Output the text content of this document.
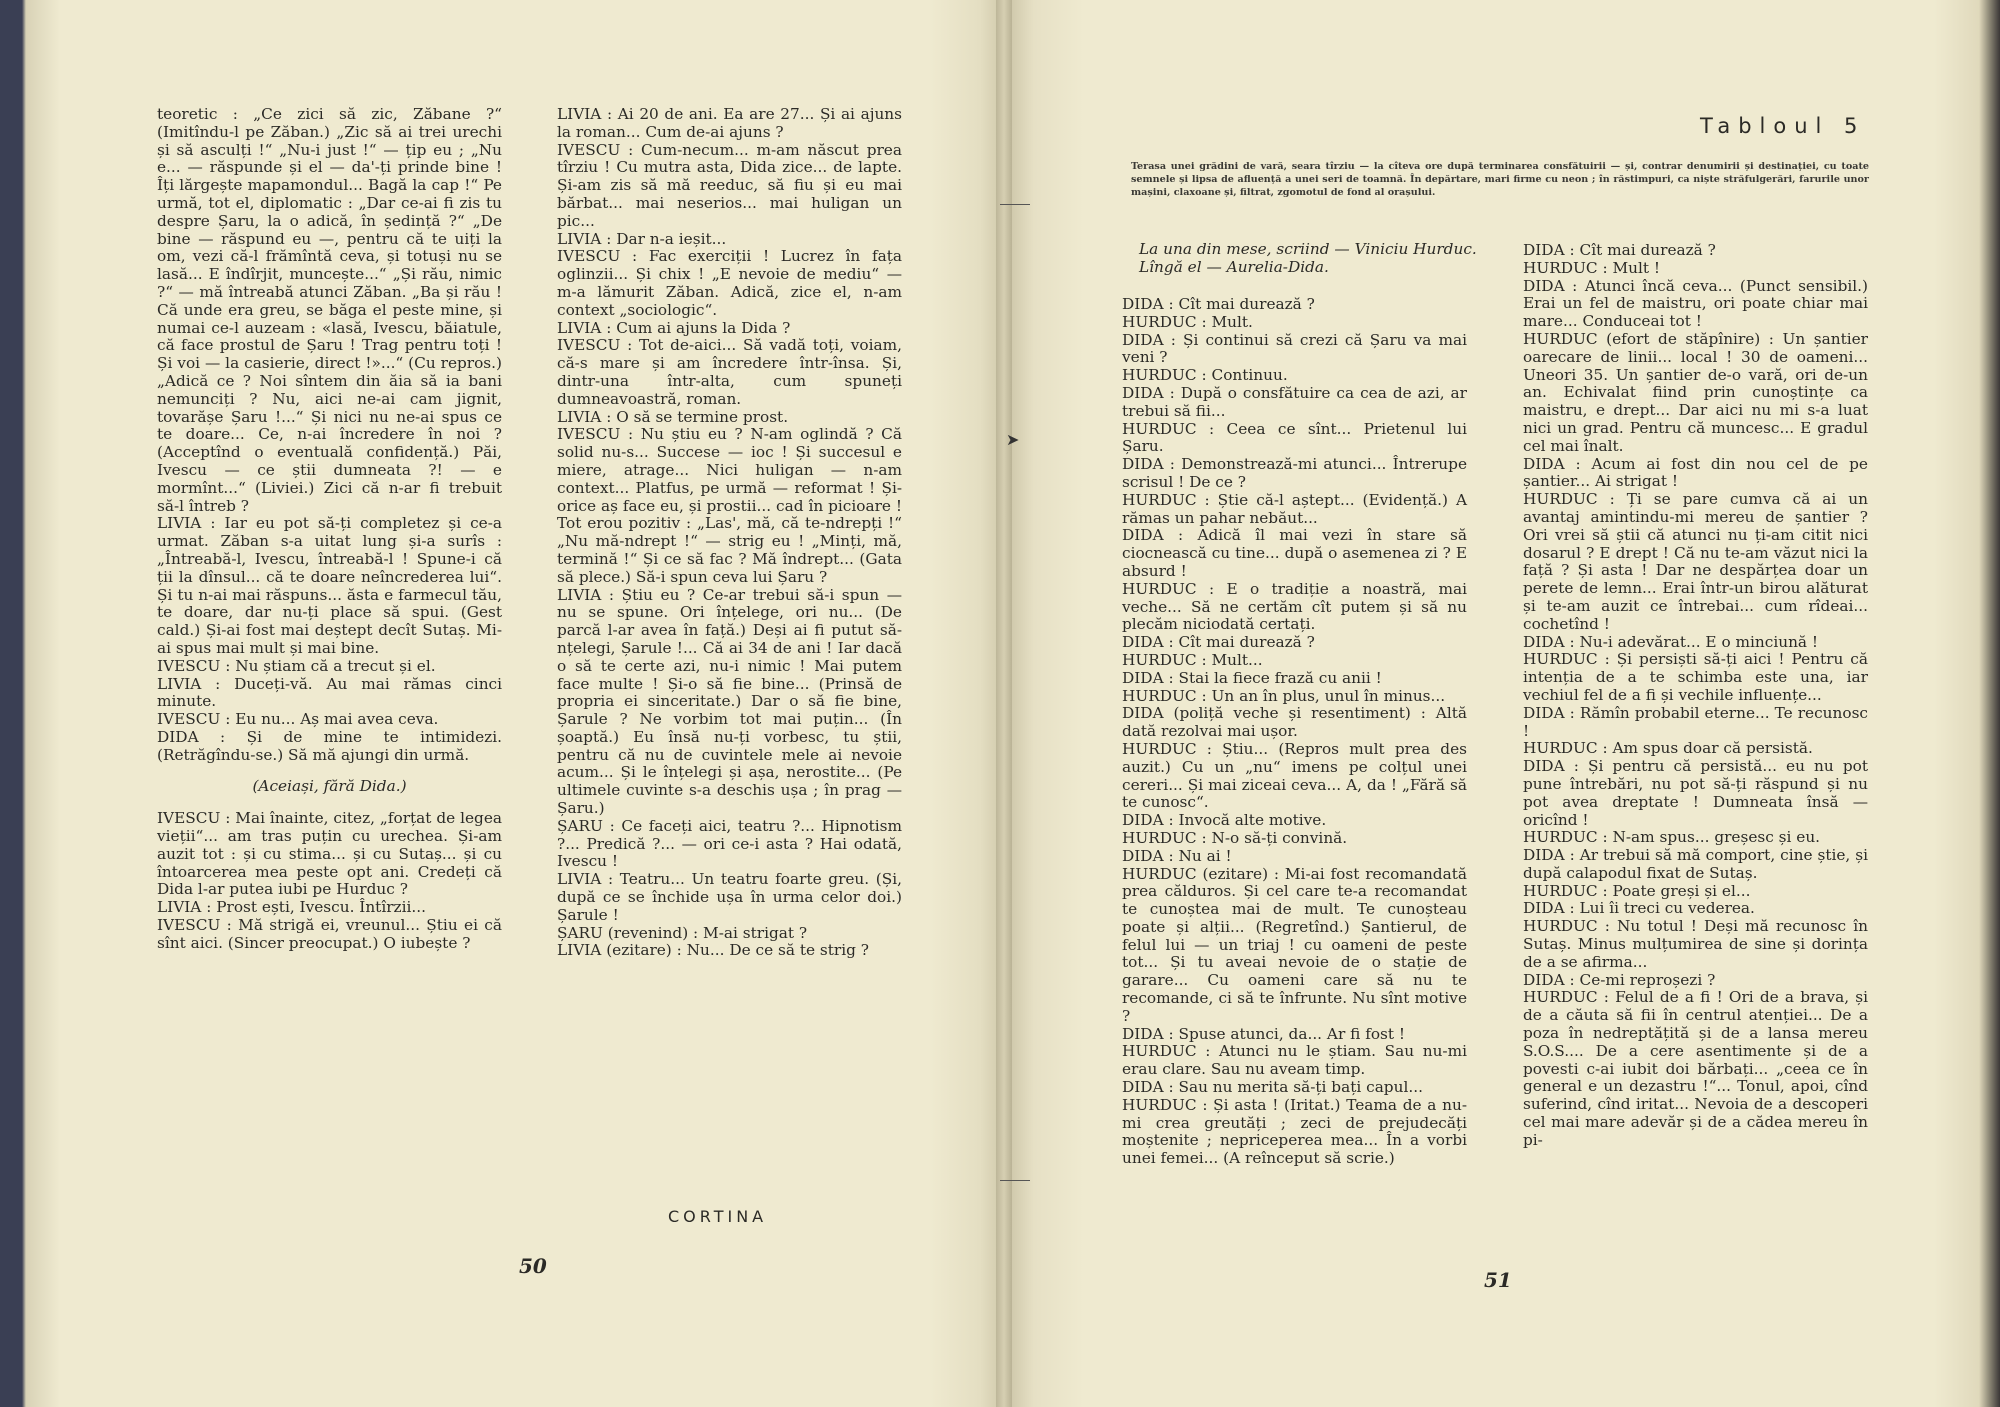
teoretic : „Ce zici să zic, Zăbane ?“ (Imitîndu-l pe Zăban.) „Zic să ai trei urechi și să asculți !“ „Nu-i just !“ — țip eu ; „Nu e... — răspunde și el — da'-ți prinde bine ! Îți lărgește mapamondul... Bagă la cap !“ Pe urmă, tot el, diplomatic : „Dar ce-ai fi zis tu despre Șaru, la o adică, în ședință ?“ „De bine — răspund eu —, pentru că te uiți la om, vezi că-l frămîntă ceva, și totuși nu se lasă... E îndîrjit, muncește...“ „Și rău, nimic ?“ — mă întreabă atunci Zăban. „Ba și rău ! Că unde era greu, se băga el peste mine, și numai ce-l auzeam : «lasă, Ivescu, băiatule, că face prostul de Șaru ! Trag pentru toți ! Și voi — la casierie, direct !»...“ (Cu repros.) „Adică ce ? Noi sîntem din ăia să ia bani nemunciți ? Nu, aici ne-ai cam jignit, tovarășe Șaru !...“ Și nici nu ne-ai spus ce te doare... Ce, n-ai încredere în noi ? (Acceptînd o eventuală confidență.) Păi, Ivescu — ce știi dumneata ?! — e mormînt...“ (Liviei.) Zici că n-ar fi trebuit să-l întreb ?

LIVIA : Iar eu pot să-ți completez și ce-a urmat. Zăban s-a uitat lung și-a surîs : „Întreabă-l, Ivescu, întreabă-l ! Spune-i că ții la dînsul... că te doare neîncrederea lui“. Și tu n-ai mai răspuns... ăsta e farmecul tău, te doare, dar nu-ți place să spui. (Gest cald.) Și-ai fost mai deștept decît Sutaș. Mi-ai spus mai mult și mai bine.

IVESCU : Nu știam că a trecut și el.

LIVIA : Duceți-vă. Au mai rămas cinci minute.

IVESCU : Eu nu... Aș mai avea ceva.

DIDA : Și de mine te intimidezi. (Retrăgîndu-se.) Să mă ajungi din urmă.

(Aceiași, fără Dida.)

IVESCU : Mai înainte, citez, „forțat de legea vieții“... am tras puțin cu urechea. Și-am auzit tot : și cu stima... și cu Sutaș... și cu întoarcerea mea peste opt ani. Credeți că Dida l-ar putea iubi pe Hurduc ?

LIVIA : Prost ești, Ivescu. Întîrzii...

IVESCU : Mă strigă ei, vreunul... Știu ei că sînt aici. (Sincer preocupat.) O iubește ?

LIVIA : Ai 20 de ani. Ea are 27... Și ai ajuns la roman... Cum de-ai ajuns ?

IVESCU : Cum-necum... m-am născut prea tîrziu ! Cu mutra asta, Dida zice... de lapte. Și-am zis să mă reeduc, să fiu și eu mai bărbat... mai neserios... mai huligan un pic...

LIVIA : Dar n-a ieșit...

IVESCU : Fac exerciții ! Lucrez în fața oglinzii... Și chix ! „E nevoie de mediu“ — m-a lămurit Zăban. Adică, zice el, n-am context „sociologic“.

LIVIA : Cum ai ajuns la Dida ?

IVESCU : Tot de-aici... Să vadă toți, voiam, că-s mare și am încredere într-însa. Și, dintr-una într-alta, cum spuneți dumneavoastră, roman.

LIVIA : O să se termine prost.

IVESCU : Nu știu eu ? N-am oglindă ? Că solid nu-s... Succese — ioc ! Și succesul e miere, atrage... Nici huligan — n-am context... Platfus, pe urmă — reformat ! Și-orice aș face eu, și prostii... cad în picioare ! Tot erou pozitiv : „Las', mă, că te-ndrepți !“ „Nu mă-ndrept !“ — strig eu ! „Minți, mă, termină !“ Și ce să fac ? Mă îndrept... (Gata să plece.) Să-i spun ceva lui Șaru ?

LIVIA : Știu eu ? Ce-ar trebui să-i spun — nu se spune. Ori înțelege, ori nu... (De parcă l-ar avea în față.) Deși ai fi putut să-nțelegi, Șarule !... Că ai 34 de ani ! Iar dacă o să te certe azi, nu-i nimic ! Mai putem face multe ! Și-o să fie bine... (Prinsă de propria ei sinceritate.) Dar o să fie bine, Șarule ? Ne vorbim tot mai puțin... (În șoaptă.) Eu însă nu-ți vorbesc, tu știi, pentru că nu de cuvintele mele ai nevoie acum... Și le înțelegi și așa, nerostite... (Pe ultimele cuvinte s-a deschis ușa ; în prag — Șaru.)

ȘARU : Ce faceți aici, teatru ?... Hipnotism ?... Predică ?... — ori ce-i asta ? Hai odată, Ivescu !

LIVIA : Teatru... Un teatru foarte greu. (Și, după ce se închide ușa în urma celor doi.) Șarule !

ȘARU (revenind) : M-ai strigat ?

LIVIA (ezitare) : Nu... De ce să te strig ?

CORTINA
50
➤
Tabloul 5
Terasa unei grădini de vară, seara tîrziu — la cîteva ore după terminarea consfătuirii — și, contrar denumirii și destinației, cu toate semnele și lipsa de afluență a unei seri de toamnă. În depărtare, mari firme cu neon ; în răstimpuri, ca niște străfulgerări, farurile unor mașini, claxoane și, filtrat, zgomotul de fond al orașului.
La una din mese, scriind — Viniciu Hurduc. Lîngă el — Aurelia-Dida.

DIDA : Cît mai durează ?

HURDUC : Mult.

DIDA : Și continui să crezi că Șaru va mai veni ?

HURDUC : Continuu.

DIDA : După o consfătuire ca cea de azi, ar trebui să fii...

HURDUC : Ceea ce sînt... Prietenul lui Șaru.

DIDA : Demonstrează-mi atunci... Întrerupe scrisul ! De ce ?

HURDUC : Știe că-l aștept... (Evidență.) A rămas un pahar nebăut...

DIDA : Adică îl mai vezi în stare să ciocnească cu tine... după o asemenea zi ? E absurd !

HURDUC : E o tradiție a noastră, mai veche... Să ne certăm cît putem și să nu plecăm niciodată certați.

DIDA : Cît mai durează ?

HURDUC : Mult...

DIDA : Stai la fiece frază cu anii !

HURDUC : Un an în plus, unul în minus...

DIDA (poliță veche și resentiment) : Altă dată rezolvai mai ușor.

HURDUC : Știu... (Repros mult prea des auzit.) Cu un „nu“ imens pe colțul unei cereri... Și mai ziceai ceva... A, da ! „Fără să te cunosc“.

DIDA : Invocă alte motive.

HURDUC : N-o să-ți convină.

DIDA : Nu ai !

HURDUC (ezitare) : Mi-ai fost recomandată prea călduros. Și cel care te-a recomandat te cunoștea mai de mult. Te cunoșteau poate și alții... (Regretînd.) Șantierul, de felul lui — un triaj ! cu oameni de peste tot... Și tu aveai nevoie de o stație de garare... Cu oameni care să nu te recomande, ci să te înfrunte. Nu sînt motive ?

DIDA : Spuse atunci, da... Ar fi fost !

HURDUC : Atunci nu le știam. Sau nu-mi erau clare. Sau nu aveam timp.

DIDA : Sau nu merita să-ți bați capul...

HURDUC : Și asta ! (Iritat.) Teama de a nu-mi crea greutăți ; zeci de prejudecăți moștenite ; nepriceperea mea... În a vorbi unei femei... (A reînceput să scrie.)

DIDA : Cît mai durează ?

HURDUC : Mult !

DIDA : Atunci încă ceva... (Punct sensibil.) Erai un fel de maistru, ori poate chiar mai mare... Conduceai tot !

HURDUC (efort de stăpînire) : Un șantier oarecare de linii... local ! 30 de oameni... Uneori 35. Un șantier de-o vară, ori de-un an. Echivalat fiind prin cunoștințe ca maistru, e drept... Dar aici nu mi s-a luat nici un grad. Pentru că muncesc... E gradul cel mai înalt.

DIDA : Acum ai fost din nou cel de pe șantier... Ai strigat !

HURDUC : Ți se pare cumva că ai un avantaj amintindu-mi mereu de șantier ? Ori vrei să știi că atunci nu ți-am citit nici dosarul ? E drept ! Că nu te-am văzut nici la față ? Și asta ! Dar ne despărțea doar un perete de lemn... Erai într-un birou alăturat și te-am auzit ce întrebai... cum rîdeai... cochetînd !

DIDA : Nu-i adevărat... E o minciună !

HURDUC : Și persiști să-ți aici ! Pentru că intenția de a te schimba este una, iar vechiul fel de a fi și vechile influențe...

DIDA : Rămîn probabil eterne... Te recunosc !

HURDUC : Am spus doar că persistă.

DIDA : Și pentru că persistă... eu nu pot pune întrebări, nu pot să-ți răspund și nu pot avea dreptate ! Dumneata însă — oricînd !

HURDUC : N-am spus... greșesc și eu.

DIDA : Ar trebui să mă comport, cine știe, și după calapodul fixat de Sutaș.

HURDUC : Poate greși și el...

DIDA : Lui îi treci cu vederea.

HURDUC : Nu totul ! Deși mă recunosc în Sutaș. Minus mulțumirea de sine și dorința de a se afirma...

DIDA : Ce-mi reproșezi ?

HURDUC : Felul de a fi ! Ori de a brava, și de a căuta să fii în centrul atenției... De a poza în nedreptățită și de a lansa mereu S.O.S.... De a cere asentimente și de a povesti c-ai iubit doi bărbați... „ceea ce în general e un dezastru !“... Tonul, apoi, cînd suferind, cînd iritat... Nevoia de a descoperi cel mai mare adevăr și de a cădea mereu în pi-

51
